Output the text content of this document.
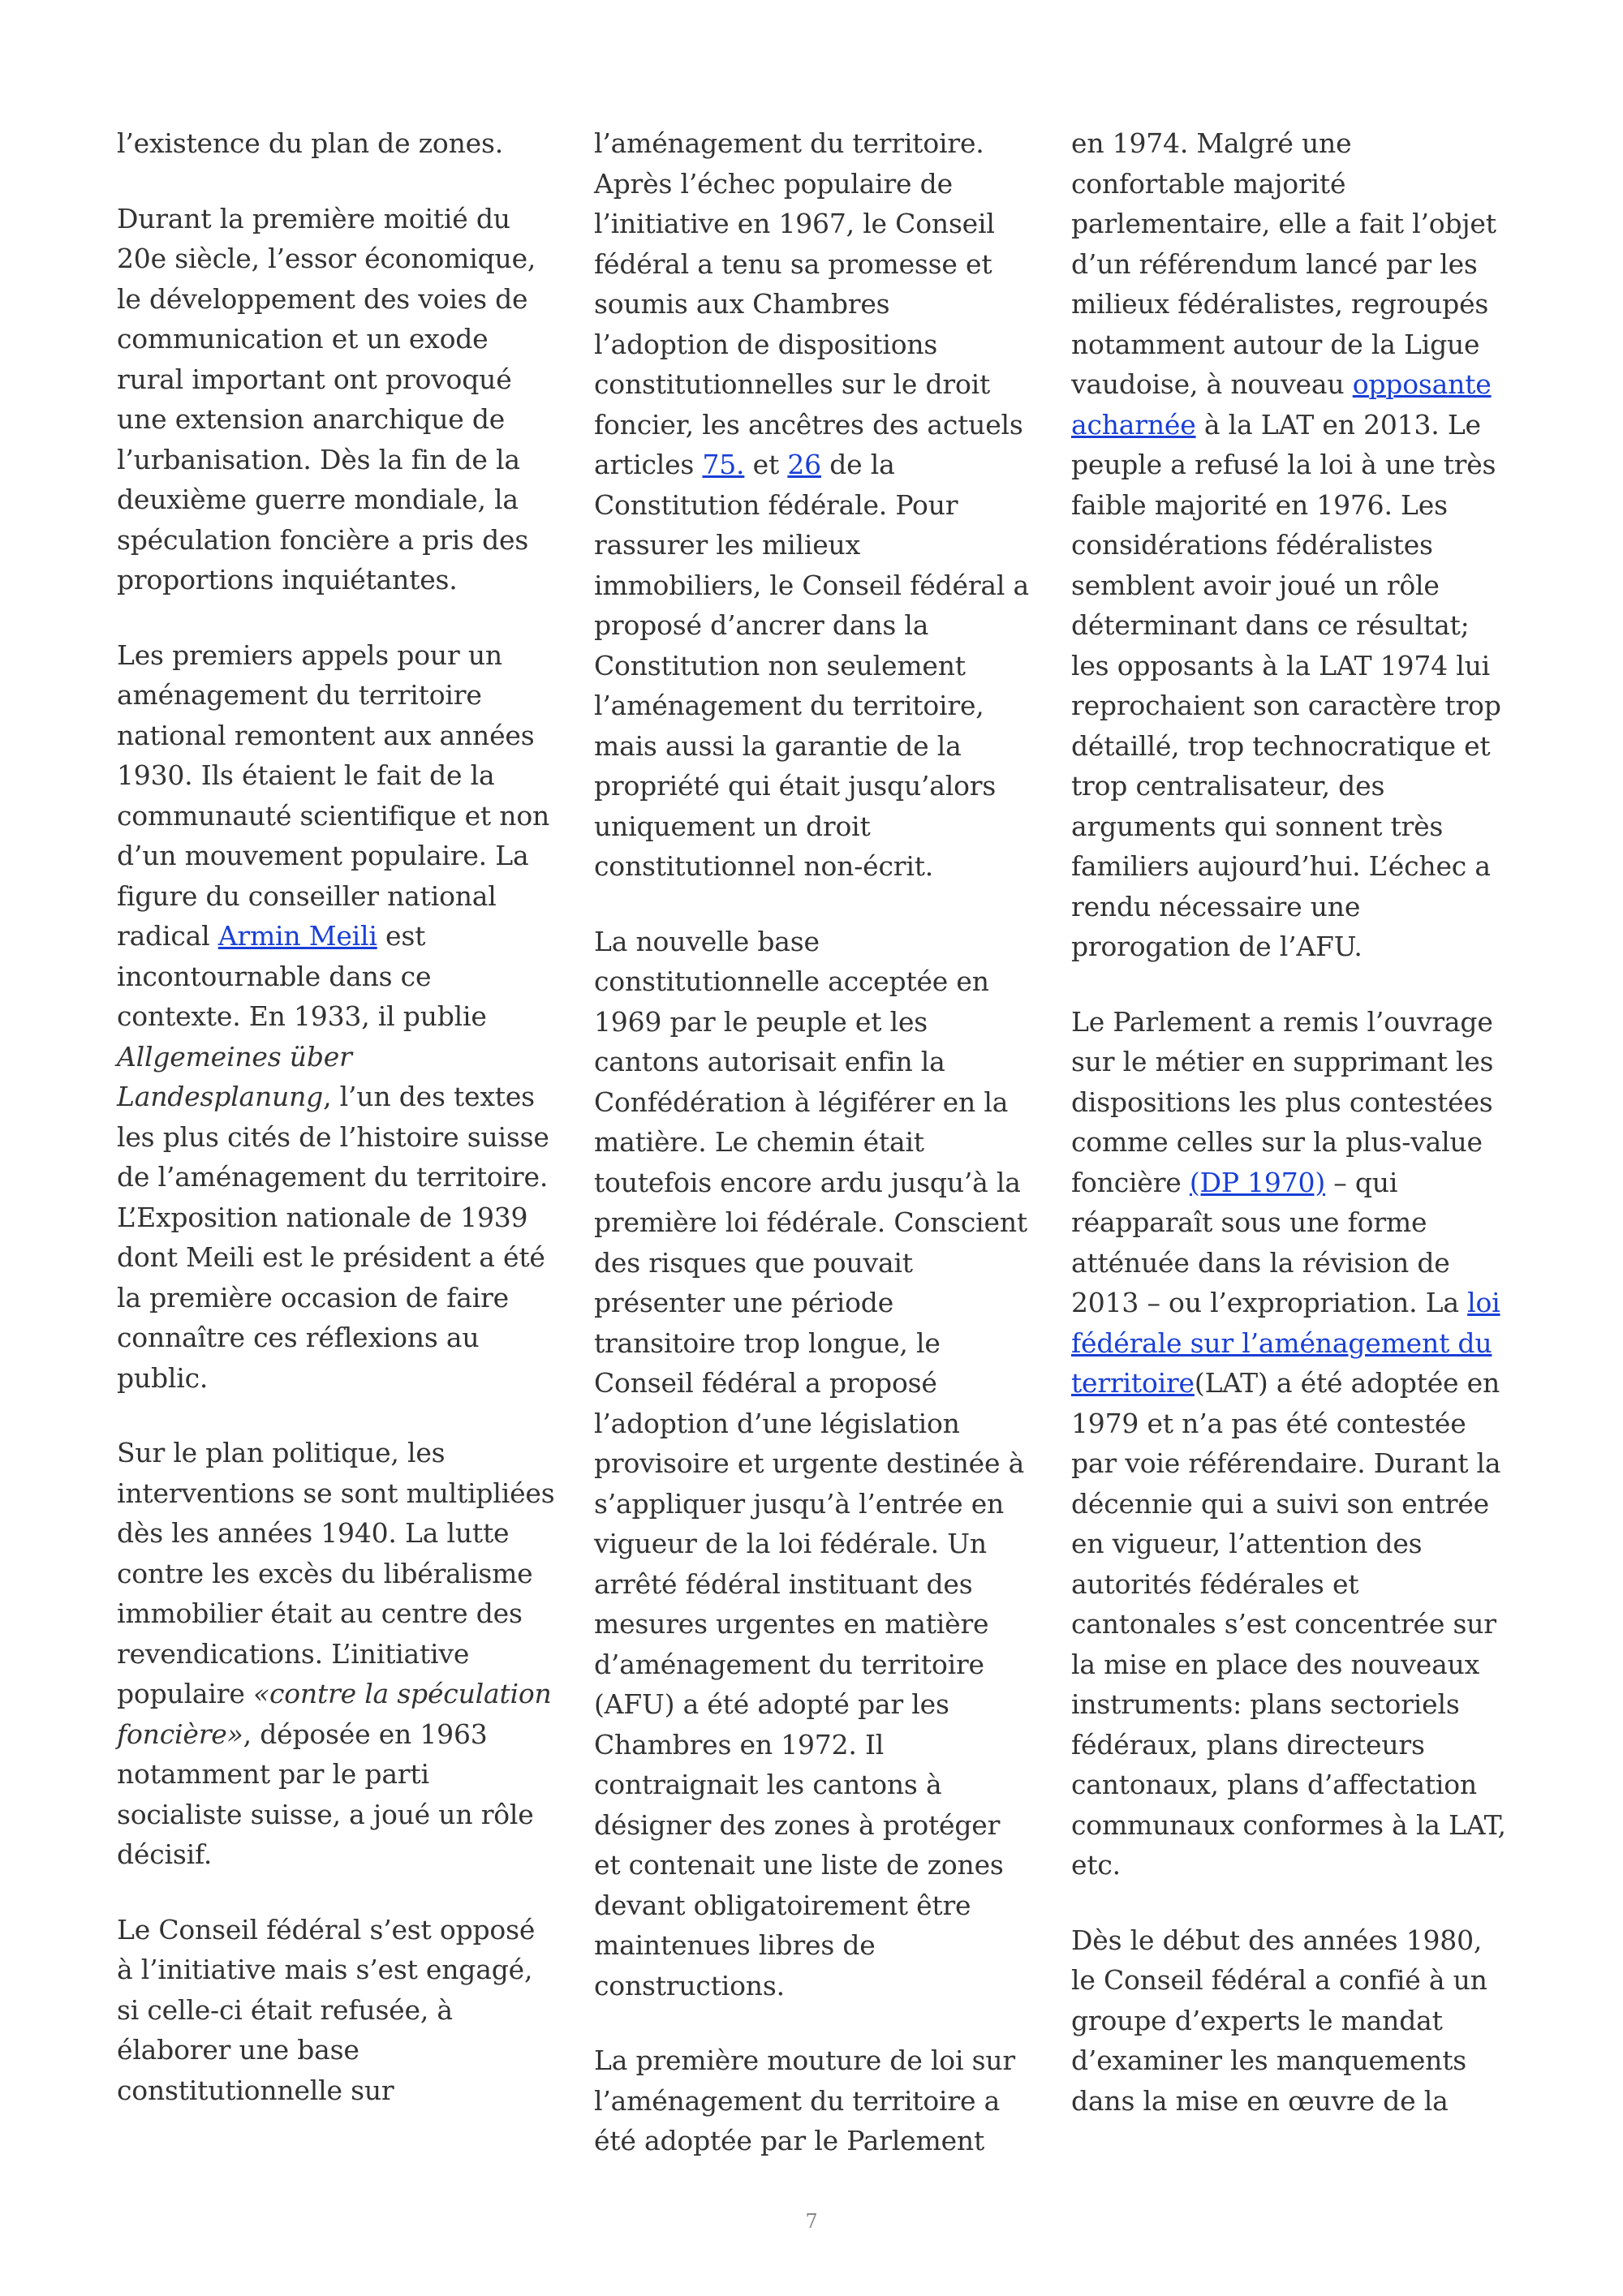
l’existence du plan de zones.

Durant la première moitié du 20e siècle, l’essor économique, le développement des voies de communication et un exode rural important ont provoqué une extension anarchique de l’urbanisation. Dès la fin de la deuxième guerre mondiale, la spéculation foncière a pris des proportions inquiétantes.

Les premiers appels pour un aménagement du territoire national remontent aux années 1930. Ils étaient le fait de la communauté scientifique et non d’un mouvement populaire. La figure du conseiller national radical Armin Meili est incontournable dans ce contexte. En 1933, il publie Allgemeines über Landesplanung, l’un des textes les plus cités de l’histoire suisse de l’aménagement du territoire. L’Exposition nationale de 1939 dont Meili est le président a été la première occasion de faire connaître ces réflexions au public.

Sur le plan politique, les interventions se sont multipliées dès les années 1940. La lutte contre les excès du libéralisme immobilier était au centre des revendications. L’initiative populaire «contre la spéculation foncière», déposée en 1963 notamment par le parti socialiste suisse, a joué un rôle décisif.

Le Conseil fédéral s’est opposé à l’initiative mais s’est engagé, si celle-ci était refusée, à élaborer une base constitutionnelle sur

l’aménagement du territoire. Après l’échec populaire de l’initiative en 1967, le Conseil fédéral a tenu sa promesse et soumis aux Chambres l’adoption de dispositions constitutionnelles sur le droit foncier, les ancêtres des actuels articles 75. et 26 de la Constitution fédérale. Pour rassurer les milieux immobiliers, le Conseil fédéral a proposé d’ancrer dans la Constitution non seulement l’aménagement du territoire, mais aussi la garantie de la propriété qui était jusqu’alors uniquement un droit constitutionnel non-écrit.

La nouvelle base constitutionnelle acceptée en 1969 par le peuple et les cantons autorisait enfin la Confédération à légiférer en la matière. Le chemin était toutefois encore ardu jusqu’à la première loi fédérale. Conscient des risques que pouvait présenter une période transitoire trop longue, le Conseil fédéral a proposé l’adoption d’une législation provisoire et urgente destinée à s’appliquer jusqu’à l’entrée en vigueur de la loi fédérale. Un arrêté fédéral instituant des mesures urgentes en matière d’aménagement du territoire (AFU) a été adopté par les Chambres en 1972. Il contraignait les cantons à désigner des zones à protéger et contenait une liste de zones devant obligatoirement être maintenues libres de constructions.

La première mouture de loi sur l’aménagement du territoire a été adoptée par le Parlement

en 1974. Malgré une confortable majorité parlementaire, elle a fait l’objet d’un référendum lancé par les milieux fédéralistes, regroupés notamment autour de la Ligue vaudoise, à nouveau opposante acharnée à la LAT en 2013. Le peuple a refusé la loi à une très faible majorité en 1976. Les considérations fédéralistes semblent avoir joué un rôle déterminant dans ce résultat; les opposants à la LAT 1974 lui reprochaient son caractère trop détaillé, trop technocratique et trop centralisateur, des arguments qui sonnent très familiers aujourd’hui. L’échec a rendu nécessaire une prorogation de l’AFU.

Le Parlement a remis l’ouvrage sur le métier en supprimant les dispositions les plus contestées comme celles sur la plus-value foncière (DP 1970) – qui réapparaît sous une forme atténuée dans la révision de 2013 – ou l’expropriation. La loi fédérale sur l’aménagement du territoire(LAT) a été adoptée en 1979 et n’a pas été contestée par voie référendaire. Durant la décennie qui a suivi son entrée en vigueur, l’attention des autorités fédérales et cantonales s’est concentrée sur la mise en place des nouveaux instruments: plans sectoriels fédéraux, plans directeurs cantonaux, plans d’affectation communaux conformes à la LAT, etc.

Dès le début des années 1980, le Conseil fédéral a confié à un groupe d’experts le mandat d’examiner les manquements dans la mise en œuvre de la

7
